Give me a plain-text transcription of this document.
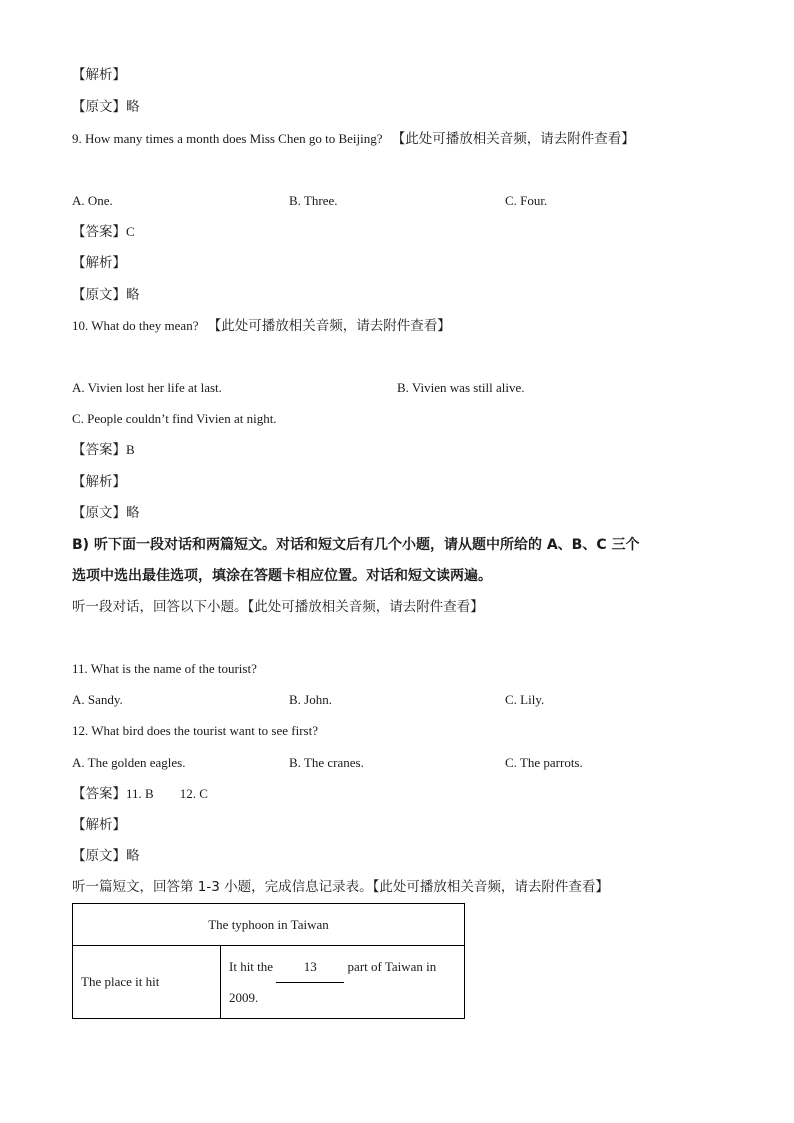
【解析】
【原文】略
9. How many times a month does Miss Chen go to Beijing? 【此处可播放相关音频，请去附件查看】
A. One.	B. Three.	C. Four.
【答案】C
【解析】
【原文】略
10. What do they mean? 【此处可播放相关音频，请去附件查看】
A. Vivien lost her life at last.	B. Vivien was still alive.
C. People couldn’t find Vivien at night.
【答案】B
【解析】
【原文】略
B) 听下面一段对话和两篇短文。对话和短文后有几个小题，请从题中所给的 A、B、C 三个
选项中选出最佳选项，填涂在答题卡相应位置。对话和短文读两遍。
听一段对话，回答以下小题。【此处可播放相关音频，请去附件查看】
11. What is the name of the tourist?
A. Sandy.	B. John.	C. Lily.
12. What bird does the tourist want to see first?
A. The golden eagles.	B. The cranes.	C. The parrots.
【答案】11. B        12. C
【解析】
【原文】略
听一篇短文，回答第 1-3 小题，完成信息记录表。【此处可播放相关音频，请去附件查看】
The typhoon in Taiwan
The place it hit	It hit the 13 part of Taiwan in
2009.
